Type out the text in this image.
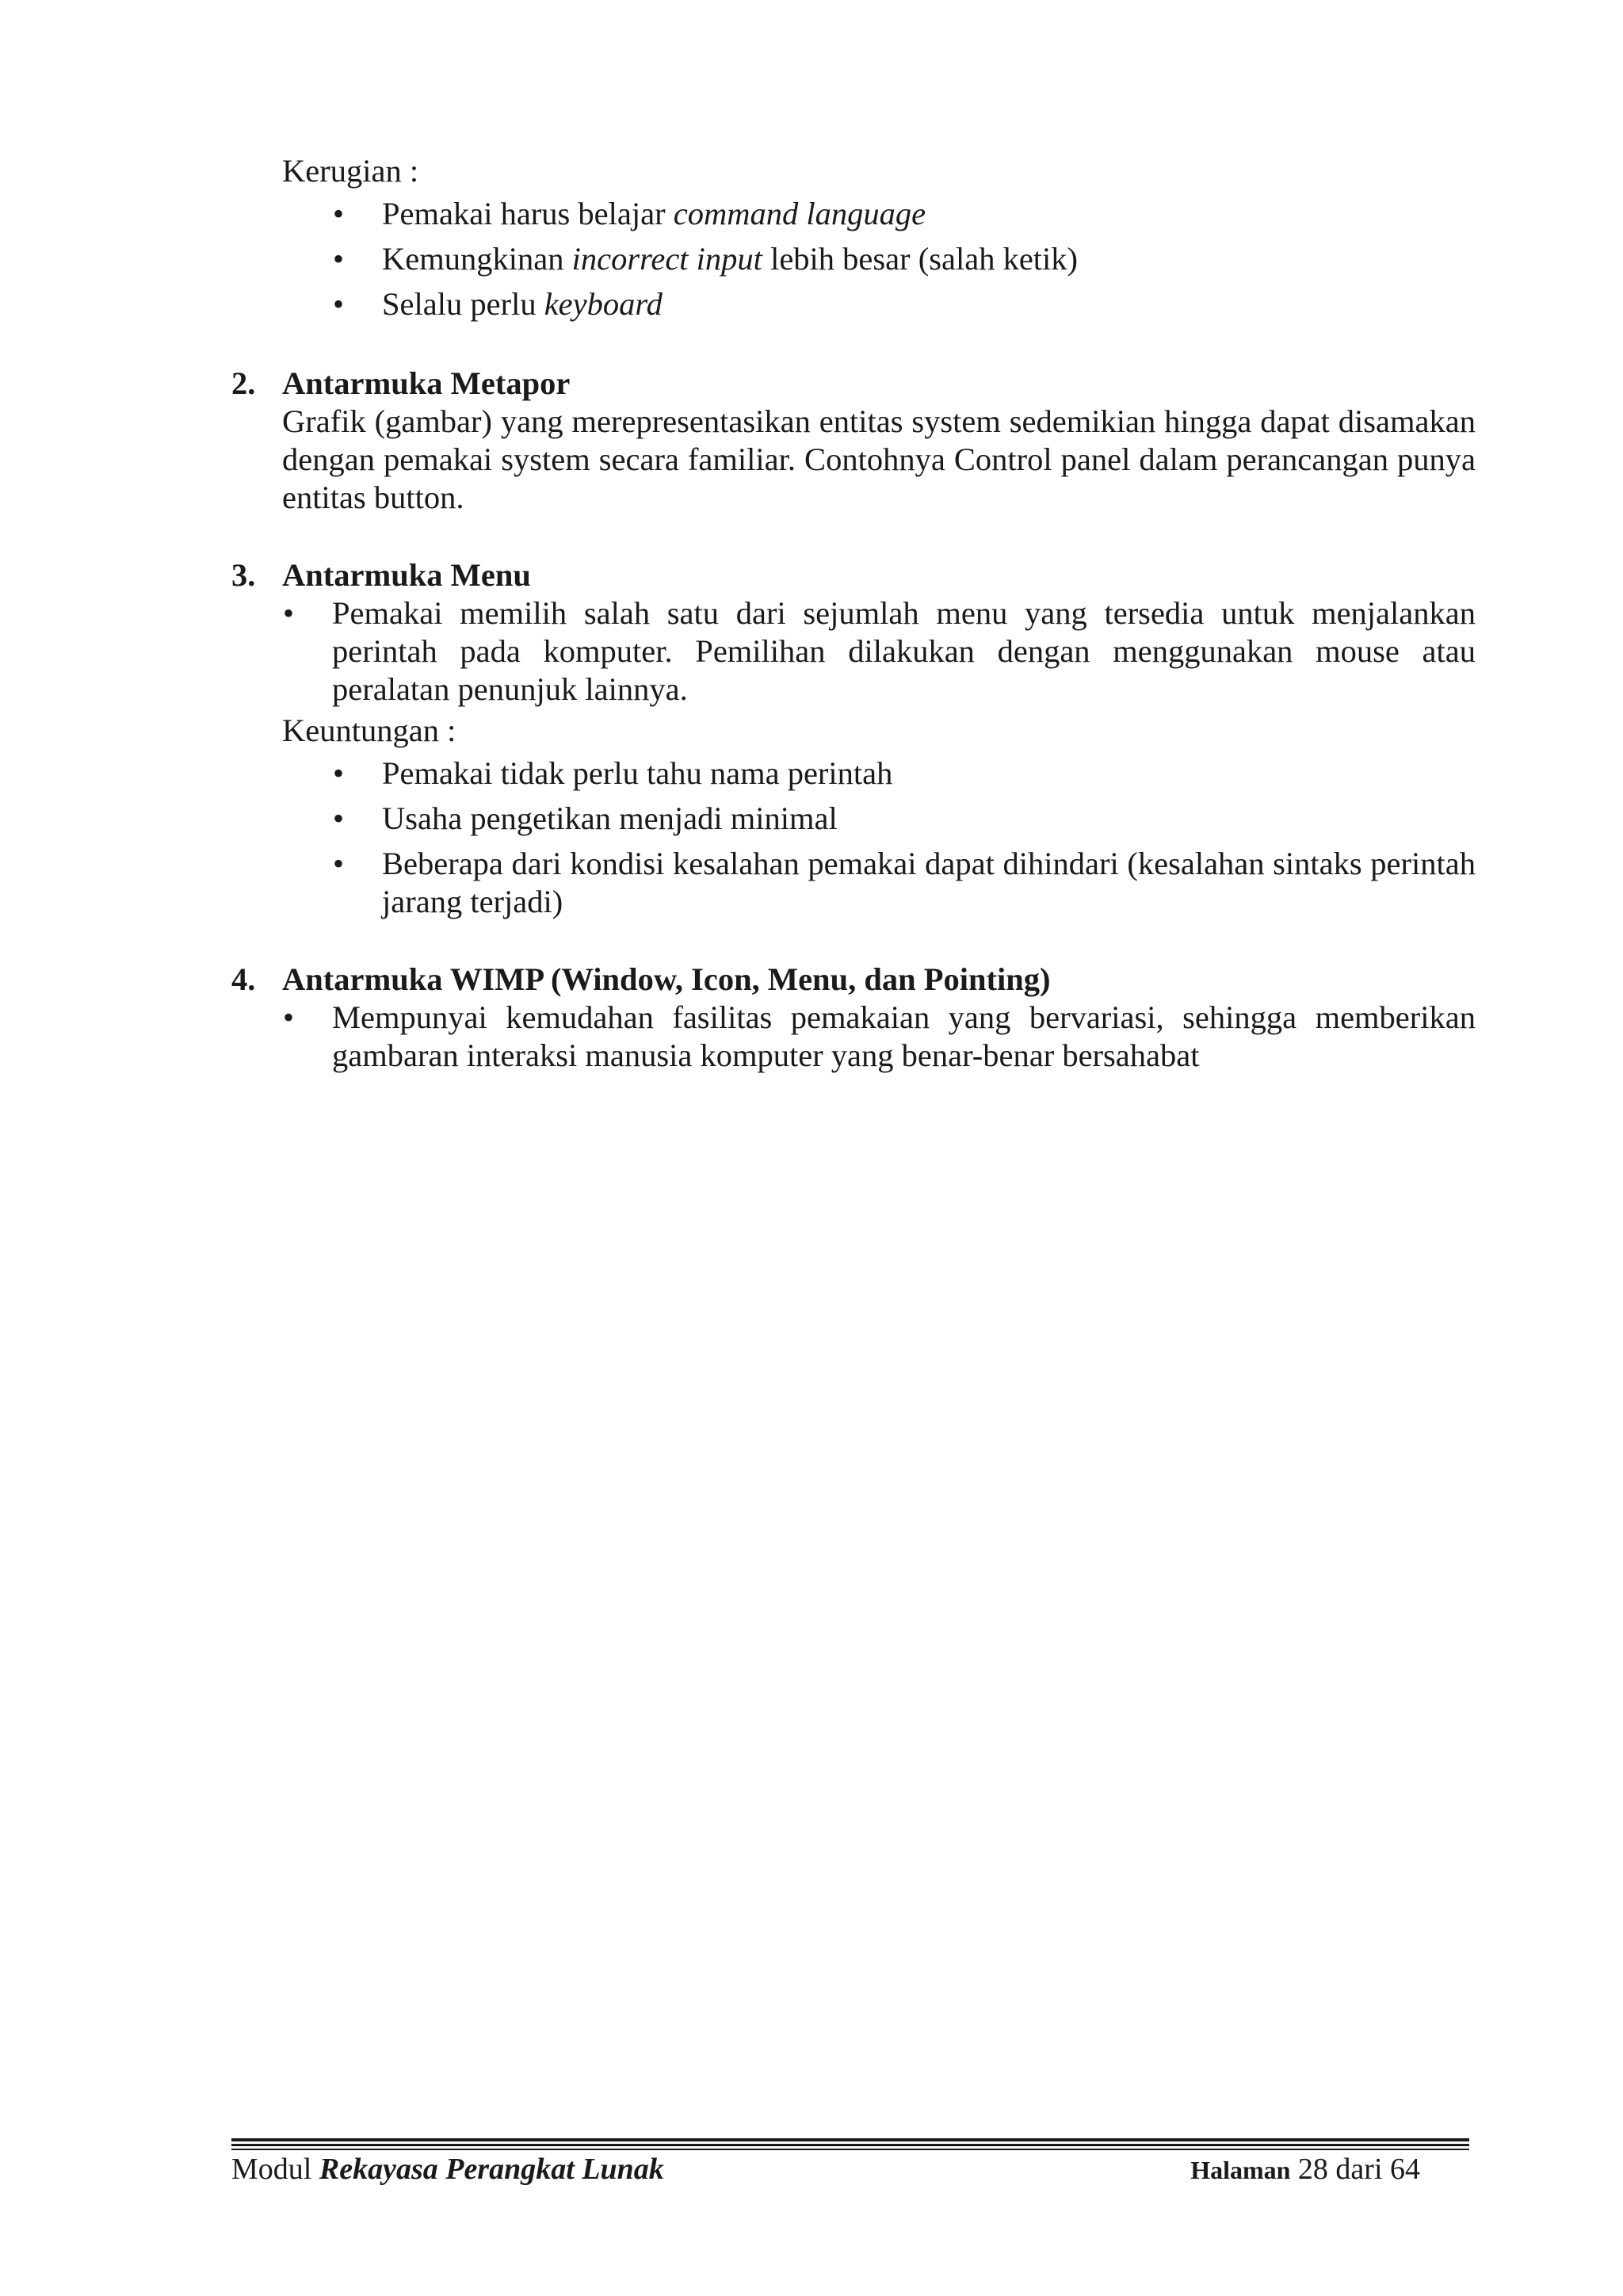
Kerugian :

• Pemakai harus belajar command language
• Kemungkinan incorrect input lebih besar (salah ketik)
• Selalu perlu keyboard
2. Antarmuka Metapor

Grafik (gambar) yang merepresentasikan entitas system sedemikian hingga dapat disamakan dengan pemakai system secara familiar. Contohnya Control panel dalam perancangan punya entitas button.

3. Antarmuka Menu

• Pemakai memilih salah satu dari sejumlah menu yang tersedia untuk menjalankan perintah pada komputer. Pemilihan dilakukan dengan menggunakan mouse atau peralatan penunjuk lainnya.

Keuntungan :

• Pemakai tidak perlu tahu nama perintah
• Usaha pengetikan menjadi minimal
• Beberapa dari kondisi kesalahan pemakai dapat dihindari (kesalahan sintaks perintah jarang terjadi)
4. Antarmuka WIMP (Window, Icon, Menu, dan Pointing)

• Mempunyai kemudahan fasilitas pemakaian yang bervariasi, sehingga memberikan gambaran interaksi manusia komputer yang benar-benar bersahabat
Modul Rekayasa Perangkat Lunak	Halaman 28 dari 64
